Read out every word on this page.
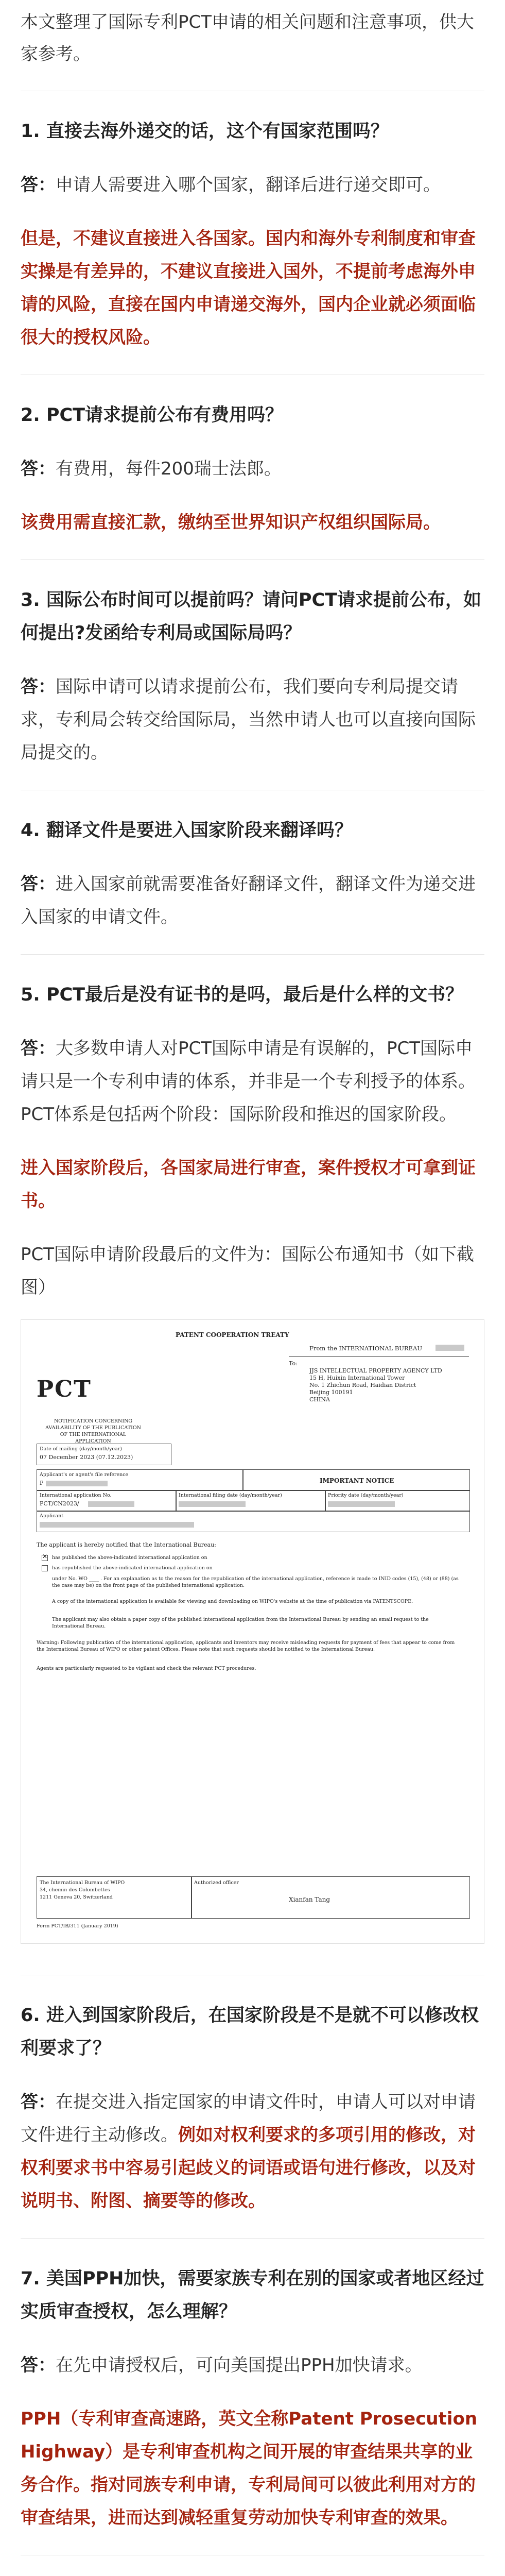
本文整理了国际专利PCT申请的相关问题和注意事项，供大家参考。
1. 直接去海外递交的话，这个有国家范围吗？
答：申请人需要进入哪个国家，翻译后进行递交即可。
但是，不建议直接进入各国家。国内和海外专利制度和审查实操是有差异的，不建议直接进入国外，不提前考虑海外申请的风险，直接在国内申请递交海外，国内企业就必须面临很大的授权风险。
2. PCT请求提前公布有费用吗？
答：有费用，每件200瑞士法郎。
该费用需直接汇款，缴纳至世界知识产权组织国际局。
3. 国际公布时间可以提前吗？请问PCT请求提前公布，如何提出?发函给专利局或国际局吗？
答：国际申请可以请求提前公布，我们要向专利局提交请求，专利局会转交给国际局，当然申请人也可以直接向国际局提交的。
4. 翻译文件是要进入国家阶段来翻译吗？
答：进入国家前就需要准备好翻译文件，翻译文件为递交进入国家的申请文件。
5. PCT最后是没有证书的是吗，最后是什么样的文书？
答：大多数申请人对PCT国际申请是有误解的，PCT国际申请只是一个专利申请的体系，并非是一个专利授予的体系。PCT体系是包括两个阶段：国际阶段和推迟的国家阶段。
进入国家阶段后，各国家局进行审查，案件授权才可拿到证书。
PCT国际申请阶段最后的文件为：国际公布通知书（如下截图）
PATENT COOPERATION TREATY
From the INTERNATIONAL BUREAU
To:
JJS INTELLECTUAL PROPERTY AGENCY LTD
15 H, Huixin International Tower
No. 1 Zhichun Road, Haidian District
Beijing 100191
CHINA
PCT
NOTIFICATION CONCERNING
AVAILABILITY OF THE PUBLICATION
OF THE INTERNATIONAL APPLICATION
Date of mailing (day/month/year)
07 December 2023 (07.12.2023)
Applicant's or agent's file reference
P	IMPORTANT NOTICE
International application No.
PCT/CN2023/
International filing date (day/month/year)	Priority date (day/month/year)
Applicant
The applicant is hereby notified that the International Bureau:
✕ has published the above-indicated international application on
has republished the above-indicated international application on
under No. WO ____ . For an explanation as to the reason for the republication of the international application, reference is made to INID codes (15), (48) or (88) (as the case may be) on the front page of the published international application.
A copy of the international application is available for viewing and downloading on WIPO's website at the time of publication via PATENTSCOPE.
The applicant may also obtain a paper copy of the published international application from the International Bureau by sending an email request to the International Bureau.
Warning: Following publication of the international application, applicants and inventors may receive misleading requests for payment of fees that appear to come from the International Bureau of WIPO or other patent Offices. Please note that such requests should be notified to the International Bureau.
Agents are particularly requested to be vigilant and check the relevant PCT procedures.
The International Bureau of WIPO
34, chemin des Colombettes
1211 Geneva 20, Switzerland
Authorized officer
Xianfan Tang
Form PCT/IB/311 (January 2019)
6. 进入到国家阶段后，在国家阶段是不是就不可以修改权利要求了？
答：在提交进入指定国家的申请文件时，申请人可以对申请文件进行主动修改。例如对权利要求的多项引用的修改，对权利要求书中容易引起歧义的词语或语句进行修改，以及对说明书、附图、摘要等的修改。
7. 美国PPH加快，需要家族专利在别的国家或者地区经过实质审查授权，怎么理解？
答：在先申请授权后，可向美国提出PPH加快请求。
PPH（专利审查高速路，英文全称Patent Prosecution Highway）是专利审查机构之间开展的审查结果共享的业务合作。指对同族专利申请，专利局间可以彼此利用对方的审查结果，进而达到减轻重复劳动加快专利审查的效果。
